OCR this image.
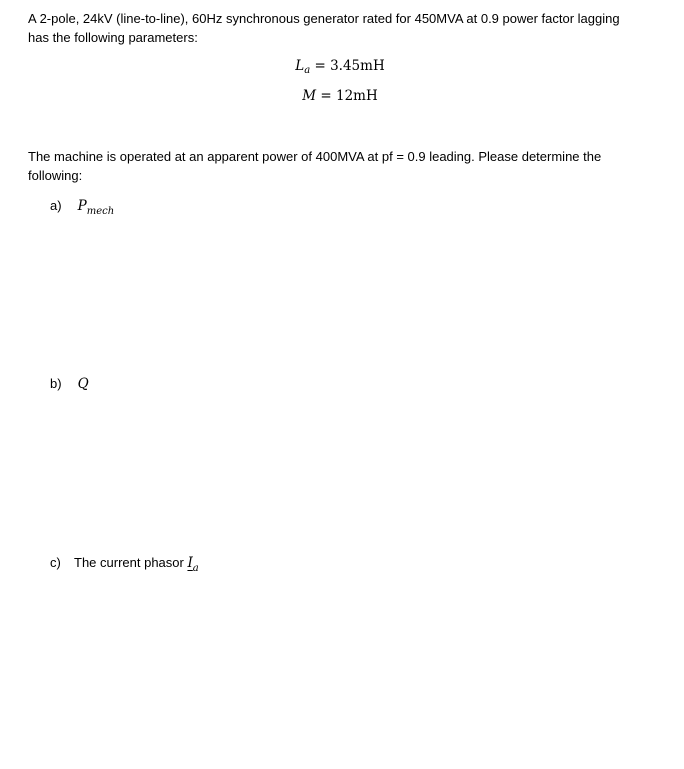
A 2-pole, 24kV (line-to-line), 60Hz synchronous generator rated for 450MVA at 0.9 power factor lagging
has the following parameters:

$L_a = 3.45mH$
M = 12mH

The machine is operated at an apparent power of 400MVA at pf = 0.9 leading. Please determine the
following:

a) $P_{mech}$
b) Q
c) The current phasor $I_a$
